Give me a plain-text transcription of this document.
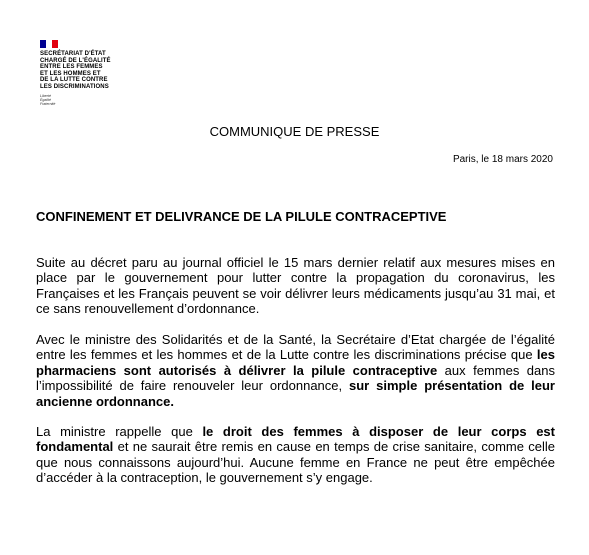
SECRÉTARIAT D'ÉTAT
CHARGÉ DE L'ÉGALITÉ
ENTRE LES FEMMES
ET LES HOMMES ET
DE LA LUTTE CONTRE
LES DISCRIMINATIONS

Liberté
Égalité
Fraternité
COMMUNIQUE DE PRESSE
Paris, le 18 mars 2020
CONFINEMENT ET DELIVRANCE DE LA PILULE CONTRACEPTIVE

Suite au décret paru au journal officiel le 15 mars dernier relatif aux mesures mises en place par le gouvernement pour lutter contre la propagation du coronavirus, les Françaises et les Français peuvent se voir délivrer leurs médicaments jusqu’au 31 mai, et ce sans renouvellement d’ordonnance.

Avec le ministre des Solidarités et de la Santé, la Secrétaire d’Etat chargée de l’égalité entre les femmes et les hommes et de la Lutte contre les discriminations précise que les pharmaciens sont autorisés à délivrer la pilule contraceptive aux femmes dans l’impossibilité de faire renouveler leur ordonnance, sur simple présentation de leur ancienne ordonnance.

La ministre rappelle que le droit des femmes à disposer de leur corps est fondamental et ne saurait être remis en cause en temps de crise sanitaire, comme celle que nous connaissons aujourd’hui. Aucune femme en France ne peut être empêchée d’accéder à la contraception, le gouvernement s’y engage.
